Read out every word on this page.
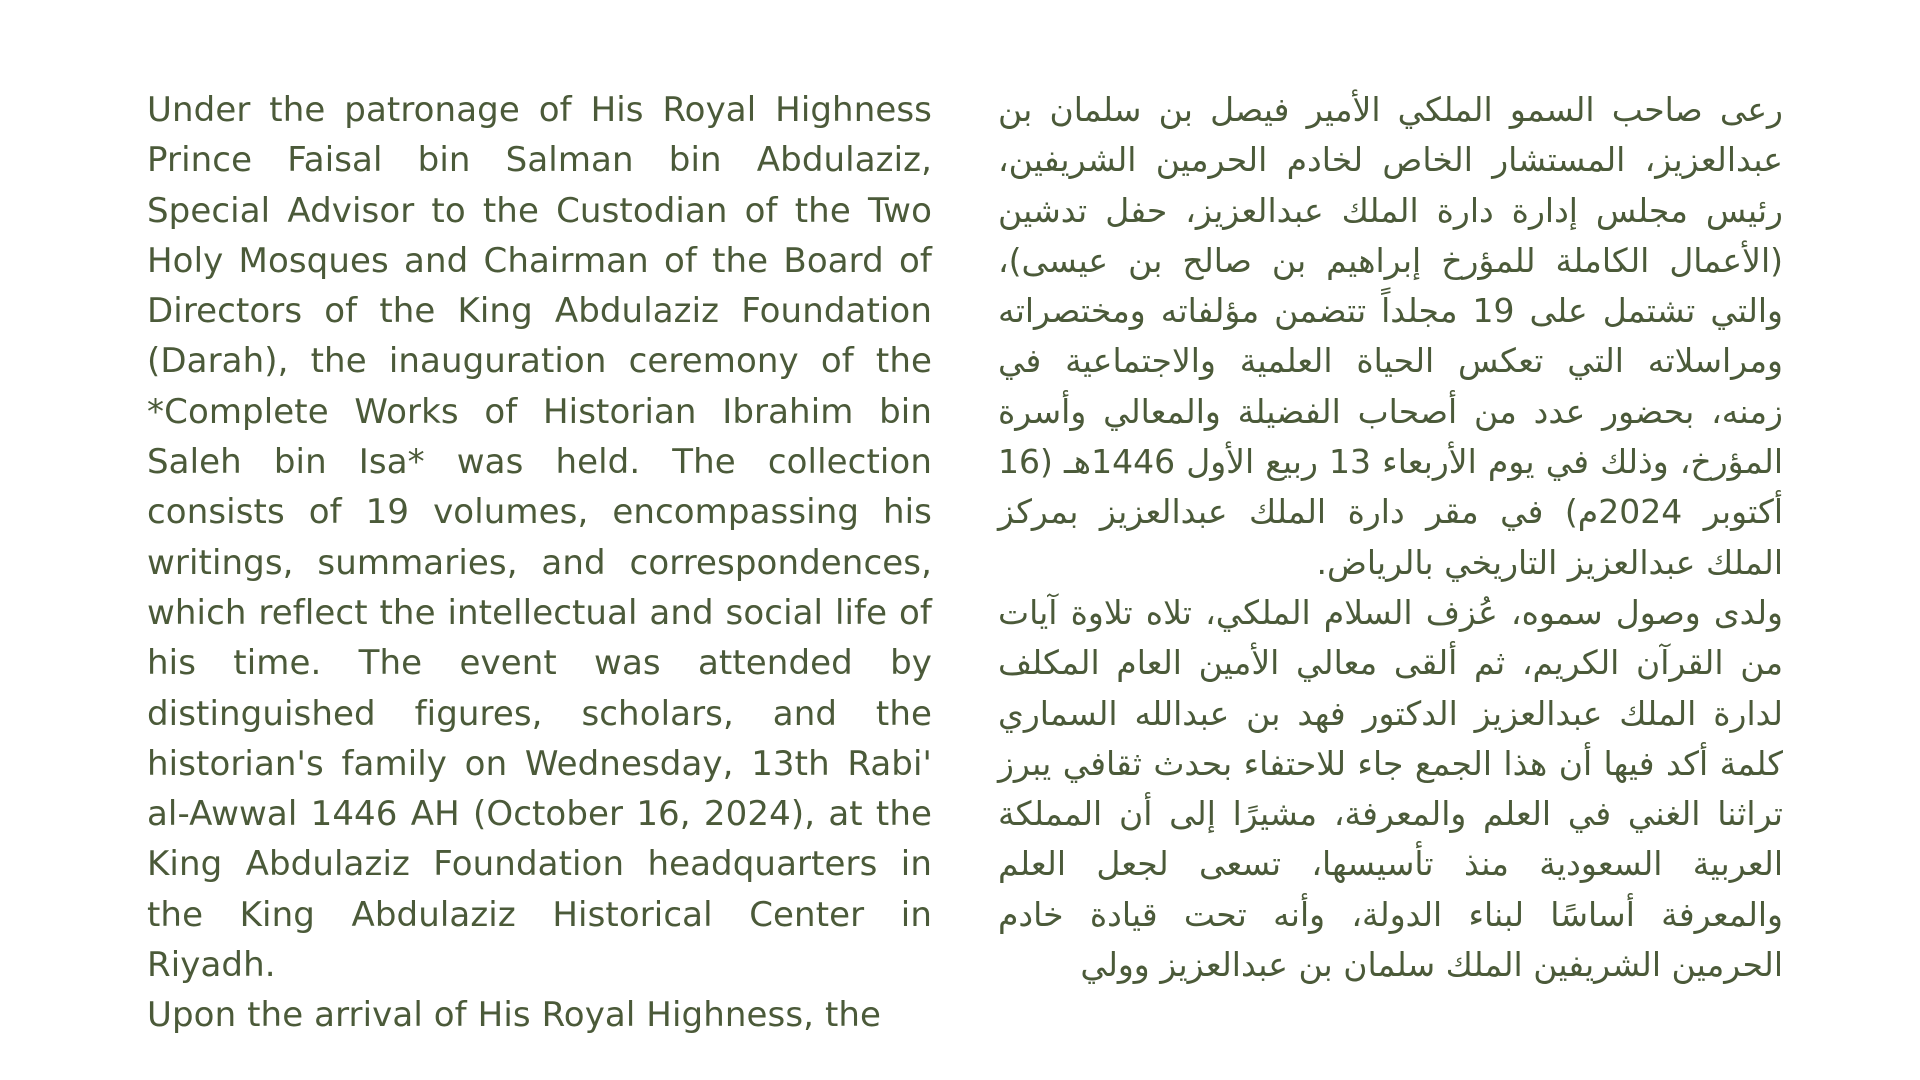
Under the patronage of His Royal Highness Prince Faisal bin Salman bin Abdulaziz, Special Advisor to the Custodian of the Two Holy Mosques and Chairman of the Board of Directors of the King Abdulaziz Foundation (Darah), the inauguration ceremony of the *Complete Works of Historian Ibrahim bin Saleh bin Isa* was held. The collection consists of 19 volumes, encompassing his writings, summaries, and correspondences, which reflect the intellectual and social life of his time. The event was attended by distinguished figures, scholars, and the historian's family on Wednesday, 13th Rabi' al-Awwal 1446 AH (October 16, 2024), at the King Abdulaziz Foundation headquarters in the King Abdulaziz Historical Center in Riyadh.

Upon the arrival of His Royal Highness, the

رعى صاحب السمو الملكي الأمير فيصل بن سلمان بن عبدالعزيز، المستشار الخاص لخادم الحرمين الشريفين، رئيس مجلس إدارة دارة الملك عبدالعزيز، حفل تدشين (الأعمال الكاملة للمؤرخ إبراهيم بن صالح بن عيسى)، والتي تشتمل على 19 مجلداً تتضمن مؤلفاته ومختصراته ومراسلاته التي تعكس الحياة العلمية والاجتماعية في زمنه، بحضور عدد من أصحاب الفضيلة والمعالي وأسرة المؤرخ، وذلك في يوم الأربعاء 13 ربيع الأول 1446هـ (16 أكتوبر 2024م) في مقر دارة الملك عبدالعزيز بمركز الملك عبدالعزيز التاريخي بالرياض.

ولدى وصول سموه، عُزف السلام الملكي، تلاه تلاوة آيات من القرآن الكريم، ثم ألقى معالي الأمين العام المكلف لدارة الملك عبدالعزيز الدكتور فهد بن عبدالله السماري كلمة أكد فيها أن هذا الجمع جاء للاحتفاء بحدث ثقافي يبرز تراثنا الغني في العلم والمعرفة، مشيرًا إلى أن المملكة العربية السعودية منذ تأسيسها، تسعى لجعل العلم والمعرفة أساسًا لبناء الدولة، وأنه تحت قيادة خادم الحرمين الشريفين الملك سلمان بن عبدالعزيز وولي
